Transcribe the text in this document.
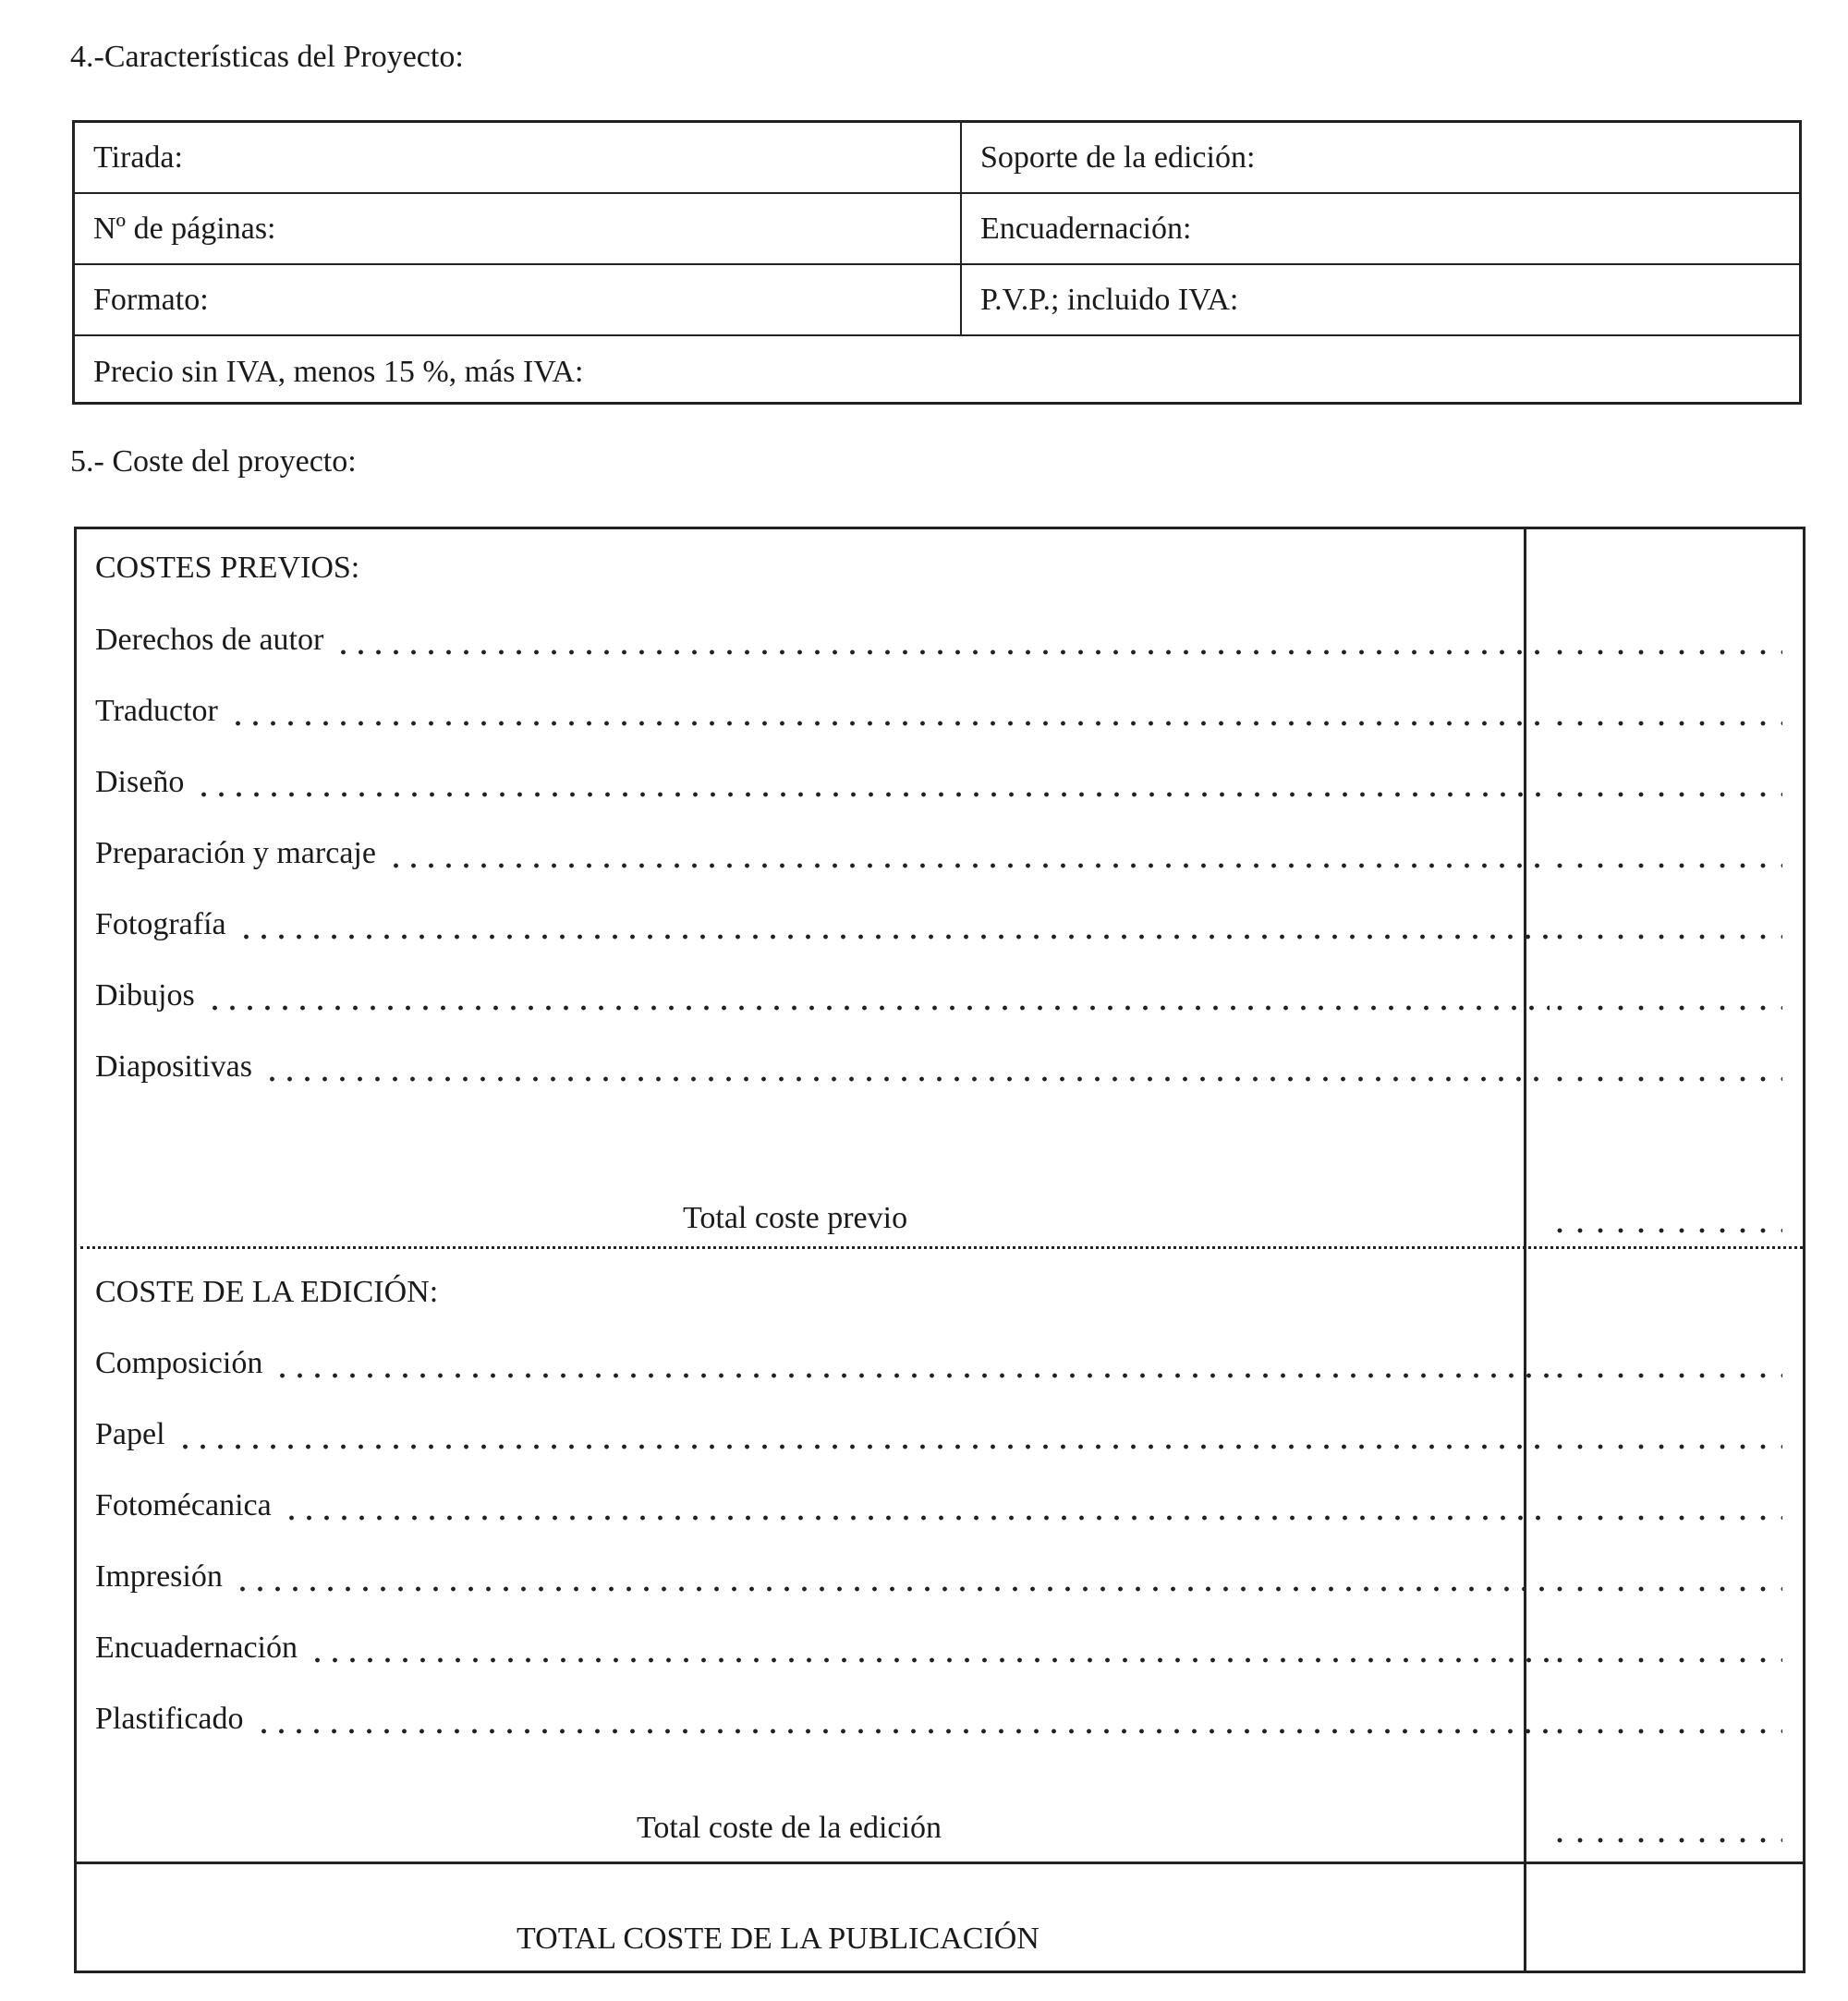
4.-Características del Proyecto:
Tirada:	Soporte de la edición:
Nº de páginas:	Encuadernación:
Formato:	P.V.P.; incluido IVA:
Precio sin IVA, menos 15 %, más IVA:
5.- Coste del proyecto:
COSTES PREVIOS:
Derechos de autor
Traductor
Diseño
Preparación y marcaje
Fotografía
Dibujos
Diapositivas
Total coste previo
COSTE DE LA EDICIÓN:
Composición
Papel
Fotomécanica
Impresión
Encuadernación
Plastificado
Total coste de la edición
TOTAL COSTE DE LA PUBLICACIÓN
